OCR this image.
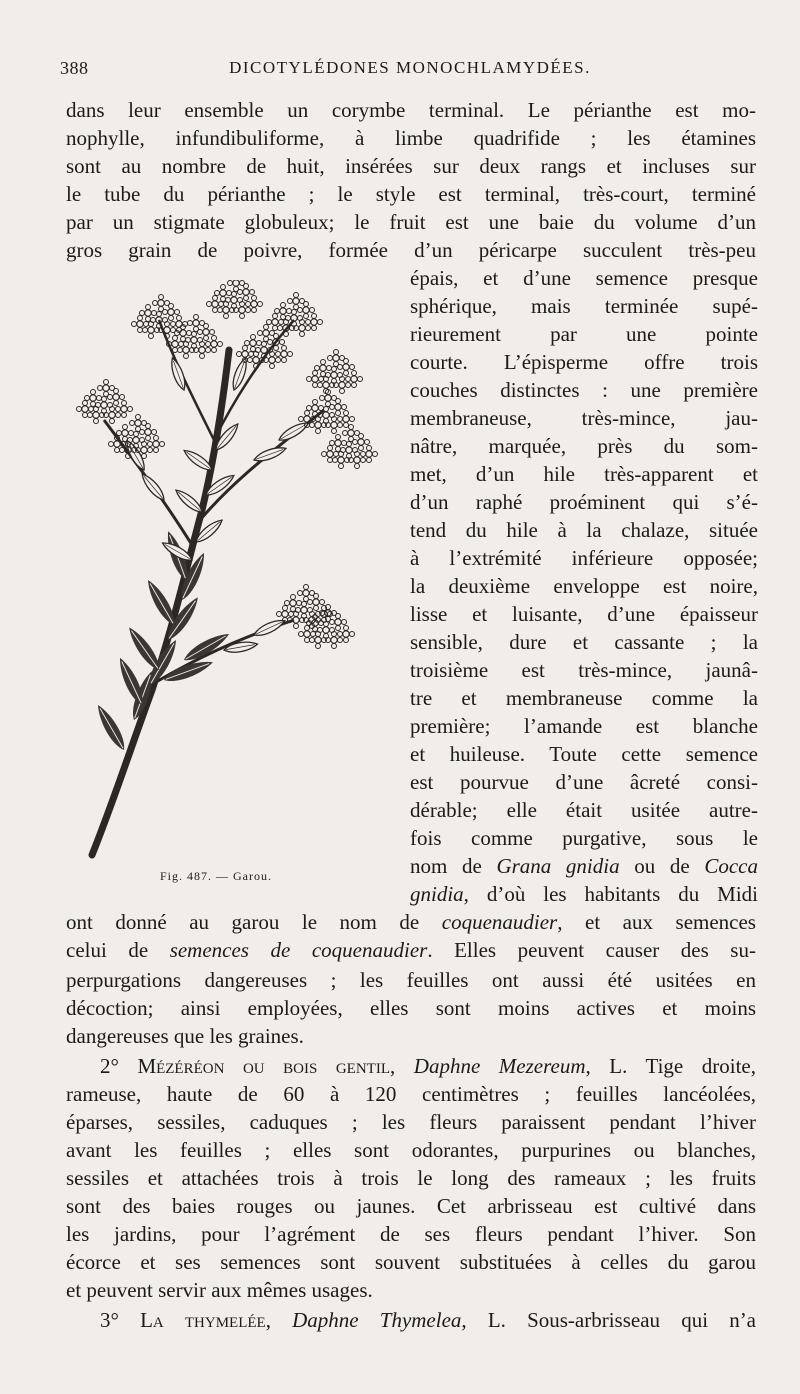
388	DICOTYLÉDONES MONOCHLAMYDÉES.
dans leur ensemble un corymbe terminal. Le périanthe est mo-
nophylle, infundibuliforme, à limbe quadrifide ; les étamines
sont au nombre de huit, insérées sur deux rangs et incluses sur
le tube du périanthe ; le style est terminal, très-court, terminé
par un stigmate globuleux; le fruit est une baie du volume d’un
gros grain de poivre, formée d’un péricarpe succulent très-peu
Fig. 487. — Garou.
épais, et d’une semence presque
sphérique, mais terminée supé-
rieurement par une pointe
courte. L’épisperme offre trois
couches distinctes : une première
membraneuse, très-mince, jau-
nâtre, marquée, près du som-
met, d’un hile très-apparent et
d’un raphé proéminent qui s’é-
tend du hile à la chalaze, située
à l’extrémité inférieure opposée;
la deuxième enveloppe est noire,
lisse et luisante, d’une épaisseur
sensible, dure et cassante ; la
troisième est très-mince, jaunâ-
tre et membraneuse comme la
première; l’amande est blanche
et huileuse. Toute cette semence
est pourvue d’une âcreté consi-
dérable; elle était usitée autre-
fois comme purgative, sous le
nom de Grana gnidia ou de Cocca
gnidia, d’où les habitants du Midi
ont donné au garou le nom de coquenaudier, et aux semences
celui de semences de coquenaudier. Elles peuvent causer des su-
perpurgations dangereuses ; les feuilles ont aussi été usitées en
décoction; ainsi employées, elles sont moins actives et moins
dangereuses que les graines.
2° Mézéréon ou bois gentil, Daphne Mezereum, L. Tige droite,
rameuse, haute de 60 à 120 centimètres ; feuilles lancéolées,
éparses, sessiles, caduques ; les fleurs paraissent pendant l’hiver
avant les feuilles ; elles sont odorantes, purpurines ou blanches,
sessiles et attachées trois à trois le long des rameaux ; les fruits
sont des baies rouges ou jaunes. Cet arbrisseau est cultivé dans
les jardins, pour l’agrément de ses fleurs pendant l’hiver. Son
écorce et ses semences sont souvent substituées à celles du garou
et peuvent servir aux mêmes usages.
3° La thymelée, Daphne Thymelea, L. Sous-arbrisseau qui n’a
